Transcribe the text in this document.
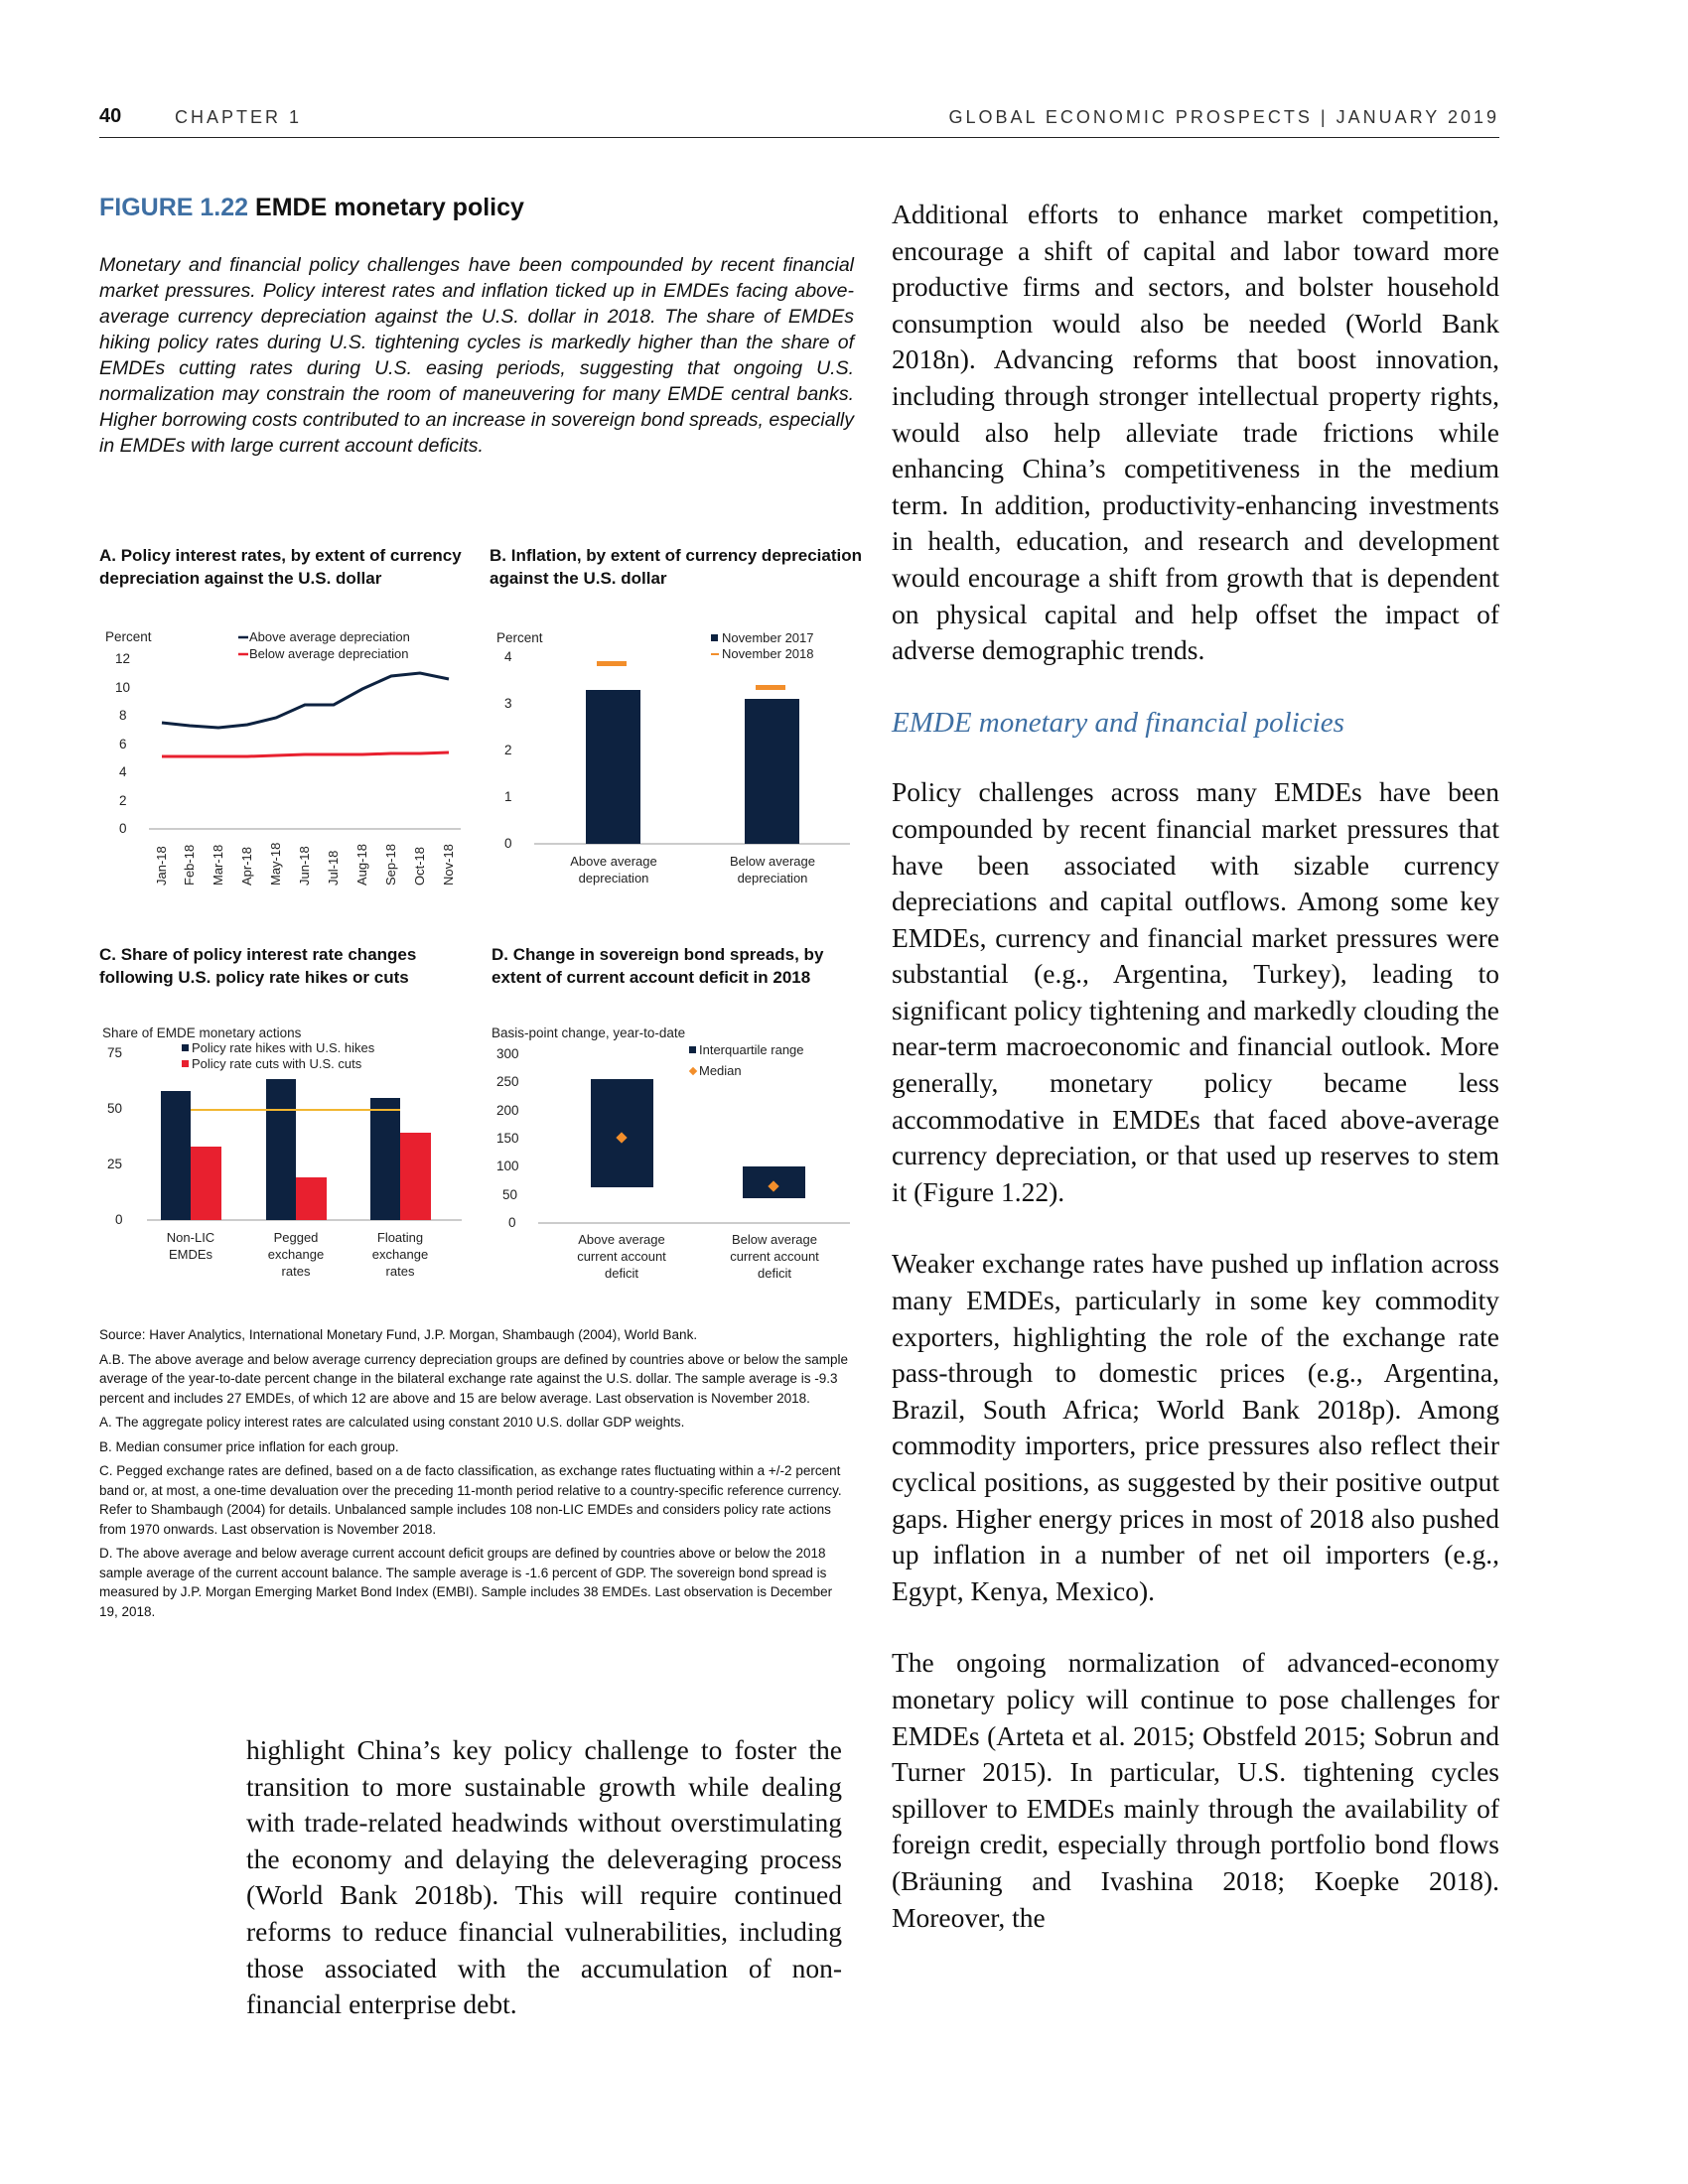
40	CHAPTER 1	GLOBAL ECONOMIC PROSPECTS | JANUARY 2019
FIGURE 1.22 EMDE monetary policy
Monetary and financial policy challenges have been compounded by recent financial market pressures. Policy interest rates and inflation ticked up in EMDEs facing above-average currency depreciation against the U.S. dollar in 2018. The share of EMDEs hiking policy rates during U.S. tightening cycles is markedly higher than the share of EMDEs cutting rates during U.S. easing periods, suggesting that ongoing U.S. normalization may constrain the room of maneuvering for many EMDE central banks. Higher borrowing costs contributed to an increase in sovereign bond spreads, especially in EMDEs with large current account deficits.
A. Policy interest rates, by extent of currency depreciation against the U.S. dollar
Percent
12
10
8
6
4
2
0
Above average depreciation
Below average depreciation
Jan-18 Feb-18 Mar-18 Apr-18 May-18 Jun-18 Jul-18 Aug-18 Sep-18 Oct-18 Nov-18
B. Inflation, by extent of currency depreciation against the U.S. dollar
Percent
4
3
2
1
0
November 2017
November 2018
Above average
depreciation
Below average
depreciation
C. Share of policy interest rate changes following U.S. policy rate hikes or cuts
Share of EMDE monetary actions
75
50
25
0
Policy rate hikes with U.S. hikes
Policy rate cuts with U.S. cuts
Non-LIC
EMDEs
Pegged
exchange
rates
Floating
exchange
rates
D. Change in sovereign bond spreads, by extent of current account deficit in 2018
Basis-point change, year-to-date
300
250
200
150
100
50
0
Interquartile range
Median
Above average
current account
deficit
Below average
current account
deficit

Source: Haver Analytics, International Monetary Fund, J.P. Morgan, Shambaugh (2004), World Bank.

A.B. The above average and below average currency depreciation groups are defined by countries above or below the sample average of the year-to-date percent change in the bilateral exchange rate against the U.S. dollar. The sample average is -9.3 percent and includes 27 EMDEs, of which 12 are above and 15 are below average. Last observation is November 2018.

A. The aggregate policy interest rates are calculated using constant 2010 U.S. dollar GDP weights.

B. Median consumer price inflation for each group.

C. Pegged exchange rates are defined, based on a de facto classification, as exchange rates fluctuating within a +/-2 percent band or, at most, a one-time devaluation over the preceding 11-month period relative to a country-specific reference currency. Refer to Shambaugh (2004) for details. Unbalanced sample includes 108 non-LIC EMDEs and considers policy rate actions from 1970 onwards. Last observation is November 2018.

D. The above average and below average current account deficit groups are defined by countries above or below the 2018 sample average of the current account balance. The sample average is -1.6 percent of GDP. The sovereign bond spread is measured by J.P. Morgan Emerging Market Bond Index (EMBI). Sample includes 38 EMDEs. Last observation is December 19, 2018.

highlight China’s key policy challenge to foster the transition to more sustainable growth while dealing with trade-related headwinds without overstimulating the economy and delaying the deleveraging process (World Bank 2018b). This will require continued reforms to reduce financial vulnerabilities, including those associated with the accumulation of non-financial enterprise debt.

Additional efforts to enhance market competition, encourage a shift of capital and labor toward more productive firms and sectors, and bolster household consumption would also be needed (World Bank 2018n). Advancing reforms that boost innovation, including through stronger intellectual property rights, would also help alleviate trade frictions while enhancing China’s competitiveness in the medium term. In addition, productivity-enhancing investments in health, education, and research and development would encourage a shift from growth that is dependent on physical capital and help offset the impact of adverse demographic trends.

EMDE monetary and financial policies

Policy challenges across many EMDEs have been compounded by recent financial market pressures that have been associated with sizable currency depreciations and capital outflows. Among some key EMDEs, currency and financial market pressures were substantial (e.g., Argentina, Turkey), leading to significant policy tightening and markedly clouding the near-term macroeconomic and financial outlook. More generally, monetary policy became less accommodative in EMDEs that faced above-average currency depreciation, or that used up reserves to stem it (Figure 1.22).

Weaker exchange rates have pushed up inflation across many EMDEs, particularly in some key commodity exporters, highlighting the role of the exchange rate pass-through to domestic prices (e.g., Argentina, Brazil, South Africa; World Bank 2018p). Among commodity importers, price pressures also reflect their cyclical positions, as suggested by their positive output gaps. Higher energy prices in most of 2018 also pushed up inflation in a number of net oil importers (e.g., Egypt, Kenya, Mexico).

The ongoing normalization of advanced-economy monetary policy will continue to pose challenges for EMDEs (Arteta et al. 2015; Obstfeld 2015; Sobrun and Turner 2015). In particular, U.S. tightening cycles spillover to EMDEs mainly through the availability of foreign credit, especially through portfolio bond flows (Bräuning and Ivashina 2018; Koepke 2018). Moreover, the
